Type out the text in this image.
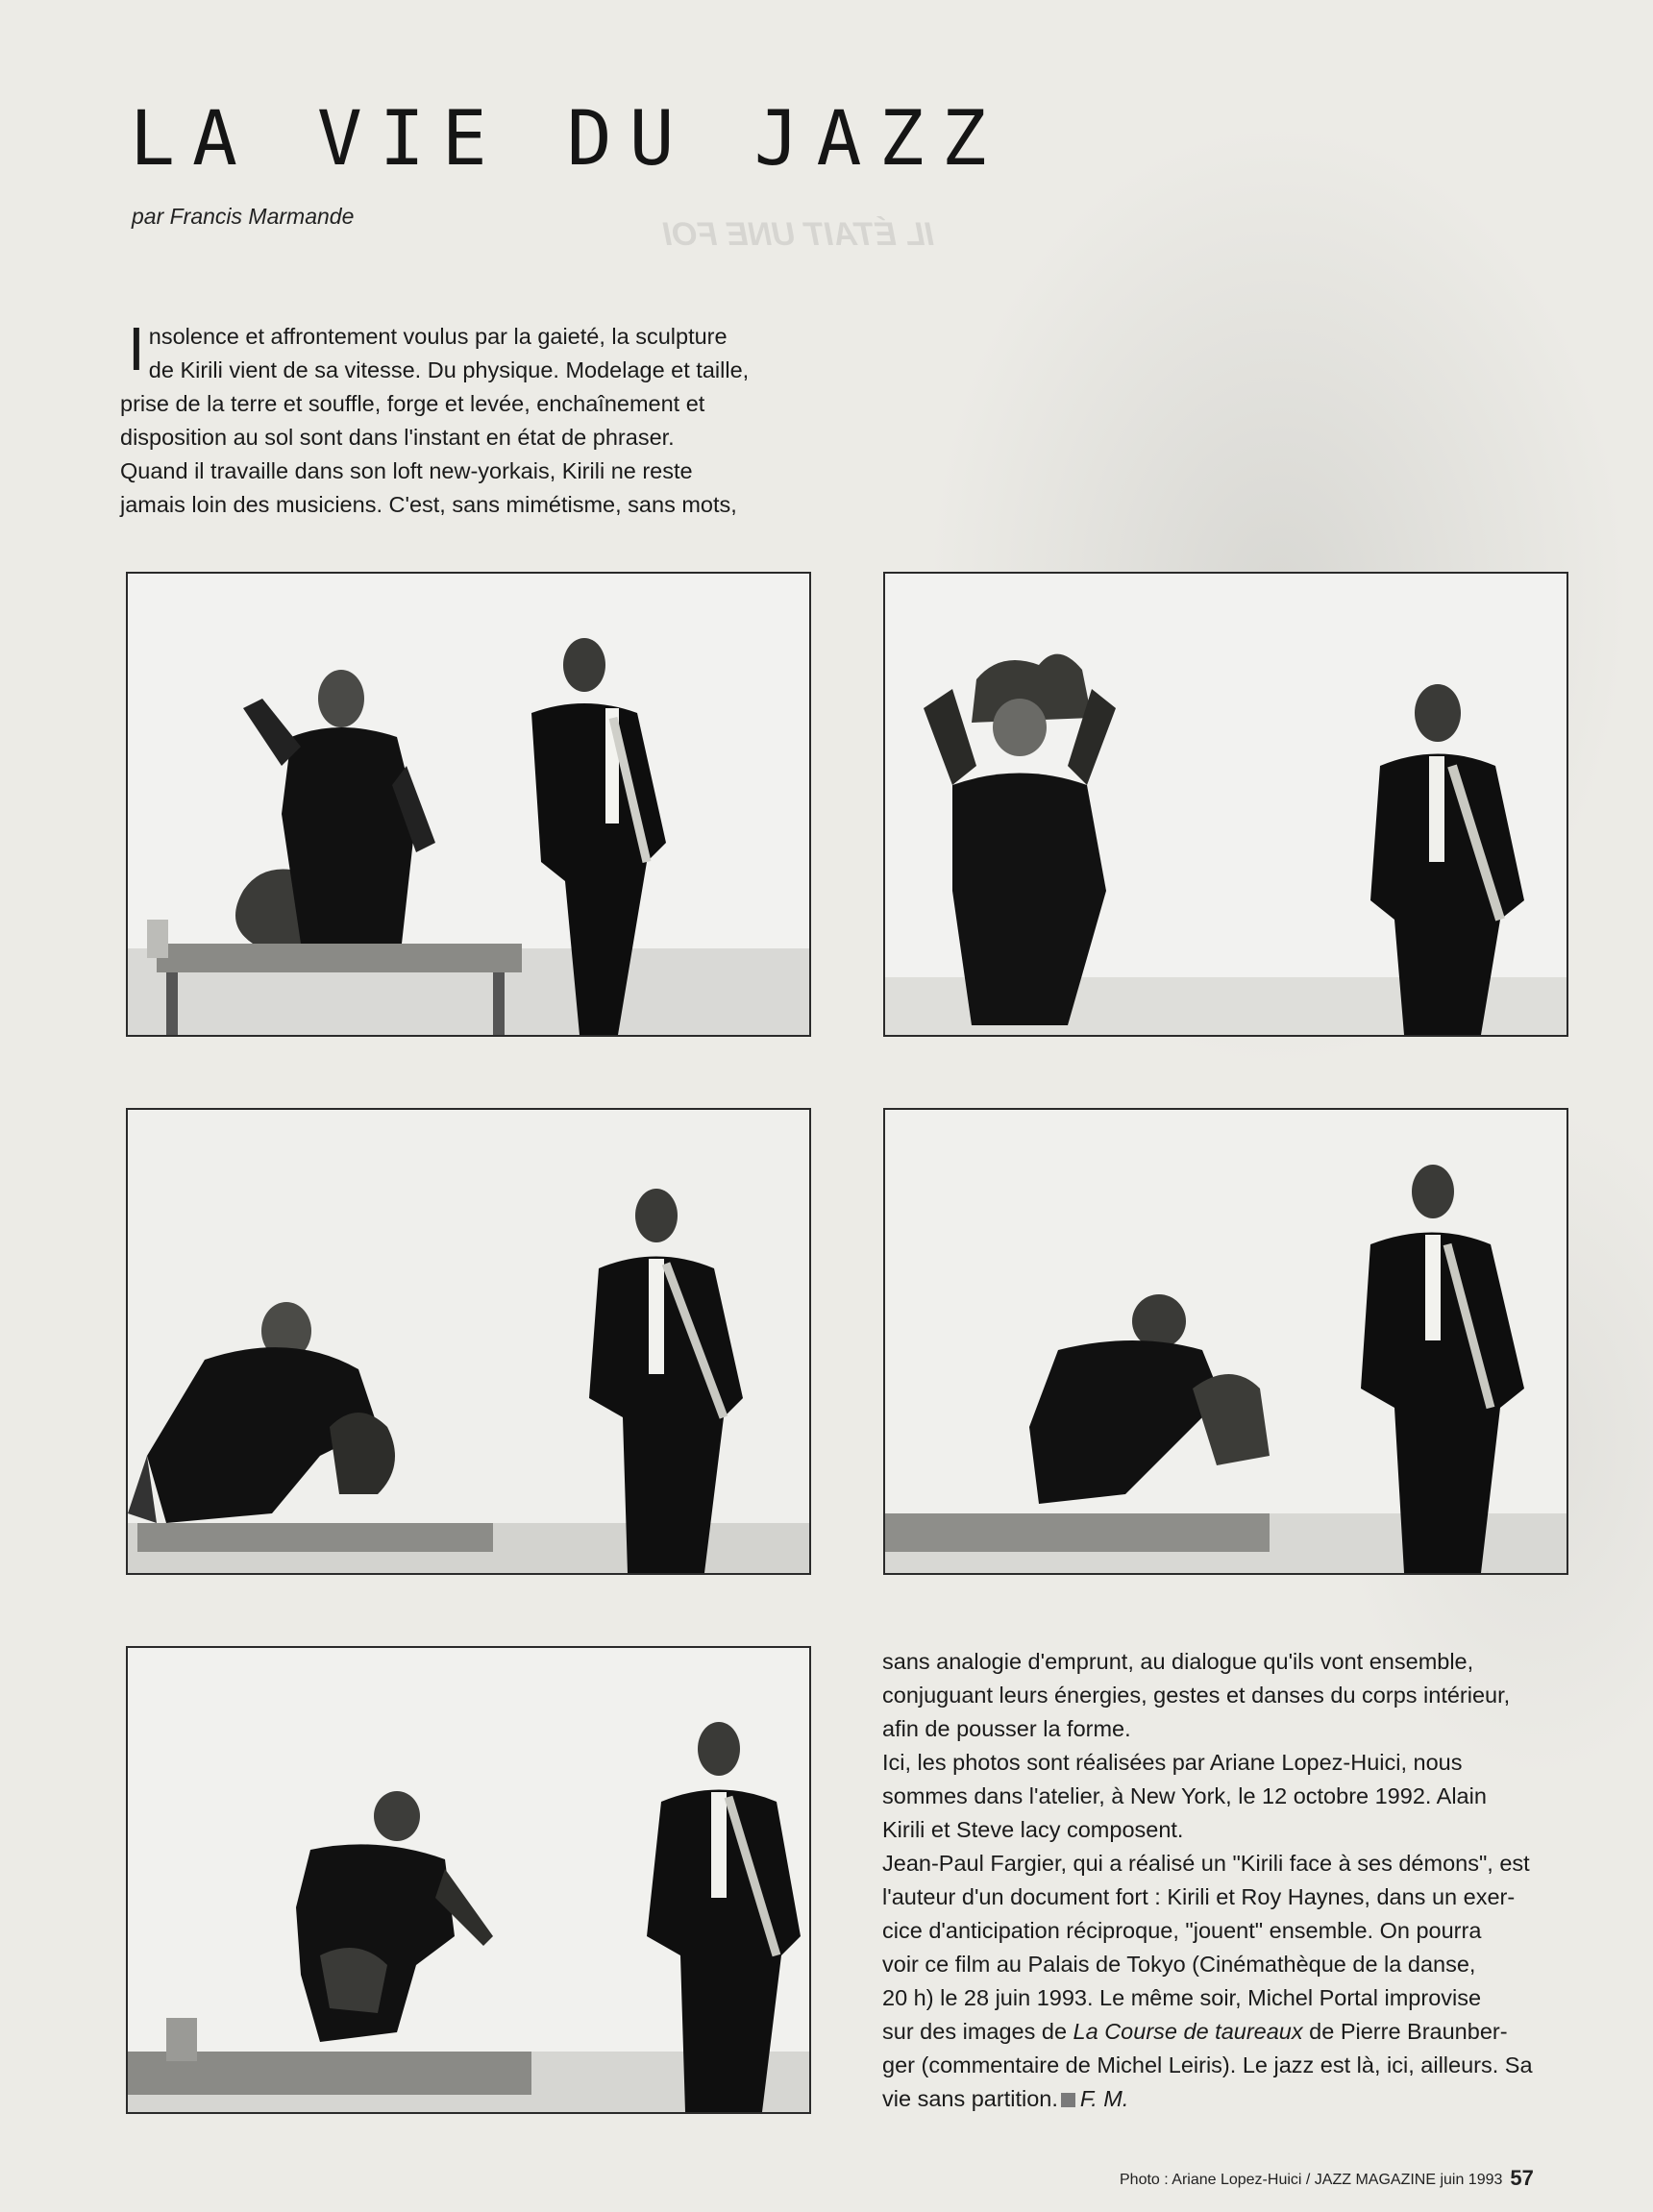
IL ÉTAIT UNE FOI
LA VIE DU JAZZ

par Francis Marmande

I nsolence et affrontement voulus par la gaieté, la sculpture
de Kirili vient de sa vitesse. Du physique. Modelage et taille,
prise de la terre et souffle, forge et levée, enchaînement et
disposition au sol sont dans l'instant en état de phraser.
Quand il travaille dans son loft new-yorkais, Kirili ne reste
jamais loin des musiciens. C'est, sans mimétisme, sans mots,
sans analogie d'emprunt, au dialogue qu'ils vont ensemble,
conjuguant leurs énergies, gestes et danses du corps intérieur,
afin de pousser la forme.
Ici, les photos sont réalisées par Ariane Lopez-Huici, nous
sommes dans l'atelier, à New York, le 12 octobre 1992. Alain
Kirili et Steve lacy composent.
Jean-Paul Fargier, qui a réalisé un "Kirili face à ses démons", est
l'auteur d'un document fort : Kirili et Roy Haynes, dans un exer-
cice d'anticipation réciproque, "jouent" ensemble. On pourra
voir ce film au Palais de Tokyo (Cinémathèque de la danse,
20 h) le 28 juin 1993. Le même soir, Michel Portal improvise
sur des images de La Course de taureaux de Pierre Braunber-
ger (commentaire de Michel Leiris). Le jazz est là, ici, ailleurs. Sa
vie sans partition. F. M.
Photo : Ariane Lopez-Huici / JAZZ MAGAZINE juin 1993 57
